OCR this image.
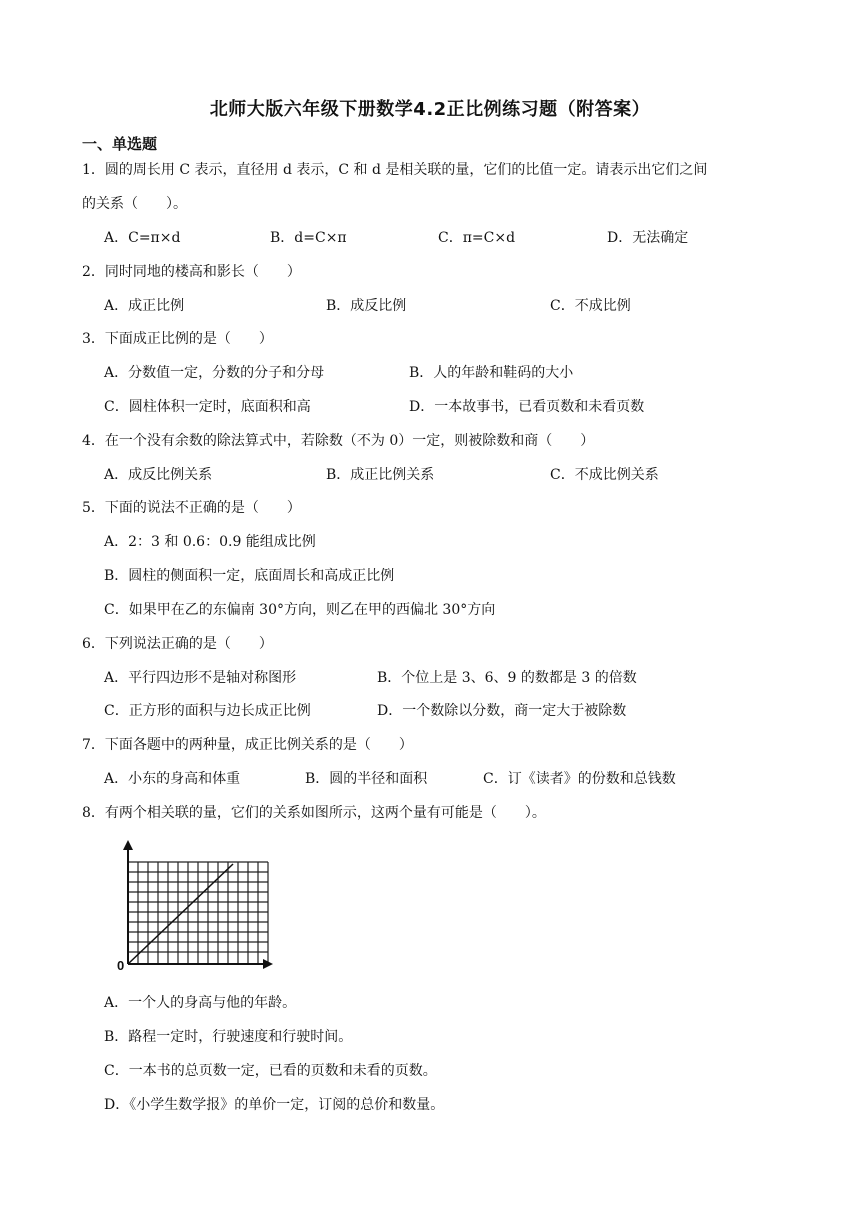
北师大版六年级下册数学4.2正比例练习题（附答案）
一、单选题
1．圆的周长用 C 表示，直径用 d 表示，C 和 d 是相关联的量，它们的比值一定。请表示出它们之间
的关系（　　）。
A．C=π×d	B．d=C×π	C．π=C×d	D．无法确定
2．同时同地的楼高和影长（　　）
A．成正比例	B．成反比例	C．不成比例
3．下面成正比例的是（　　）
A．分数值一定，分数的分子和分母	B．人的年龄和鞋码的大小
C．圆柱体积一定时，底面积和高	D．一本故事书，已看页数和未看页数
4．在一个没有余数的除法算式中，若除数（不为 0）一定，则被除数和商（　　）
A．成反比例关系	B．成正比例关系	C．不成比例关系
5．下面的说法不正确的是（　　）
A．2：3 和 0.6：0.9 能组成比例
B．圆柱的侧面积一定，底面周长和高成正比例
C．如果甲在乙的东偏南 30°方向，则乙在甲的西偏北 30°方向
6．下列说法正确的是（　　）
A．平行四边形不是轴对称图形	B．个位上是 3、6、9 的数都是 3 的倍数
C．正方形的面积与边长成正比例	D．一个数除以分数，商一定大于被除数
7．下面各题中的两种量，成正比例关系的是（　　）
A．小东的身高和体重	B．圆的半径和面积	C．订《读者》的份数和总钱数
8．有两个相关联的量，它们的关系如图所示，这两个量有可能是（　　）。
0
A．一个人的身高与他的年龄。
B．路程一定时，行驶速度和行驶时间。
C．一本书的总页数一定，已看的页数和未看的页数。
D．《小学生数学报》的单价一定，订阅的总价和数量。
